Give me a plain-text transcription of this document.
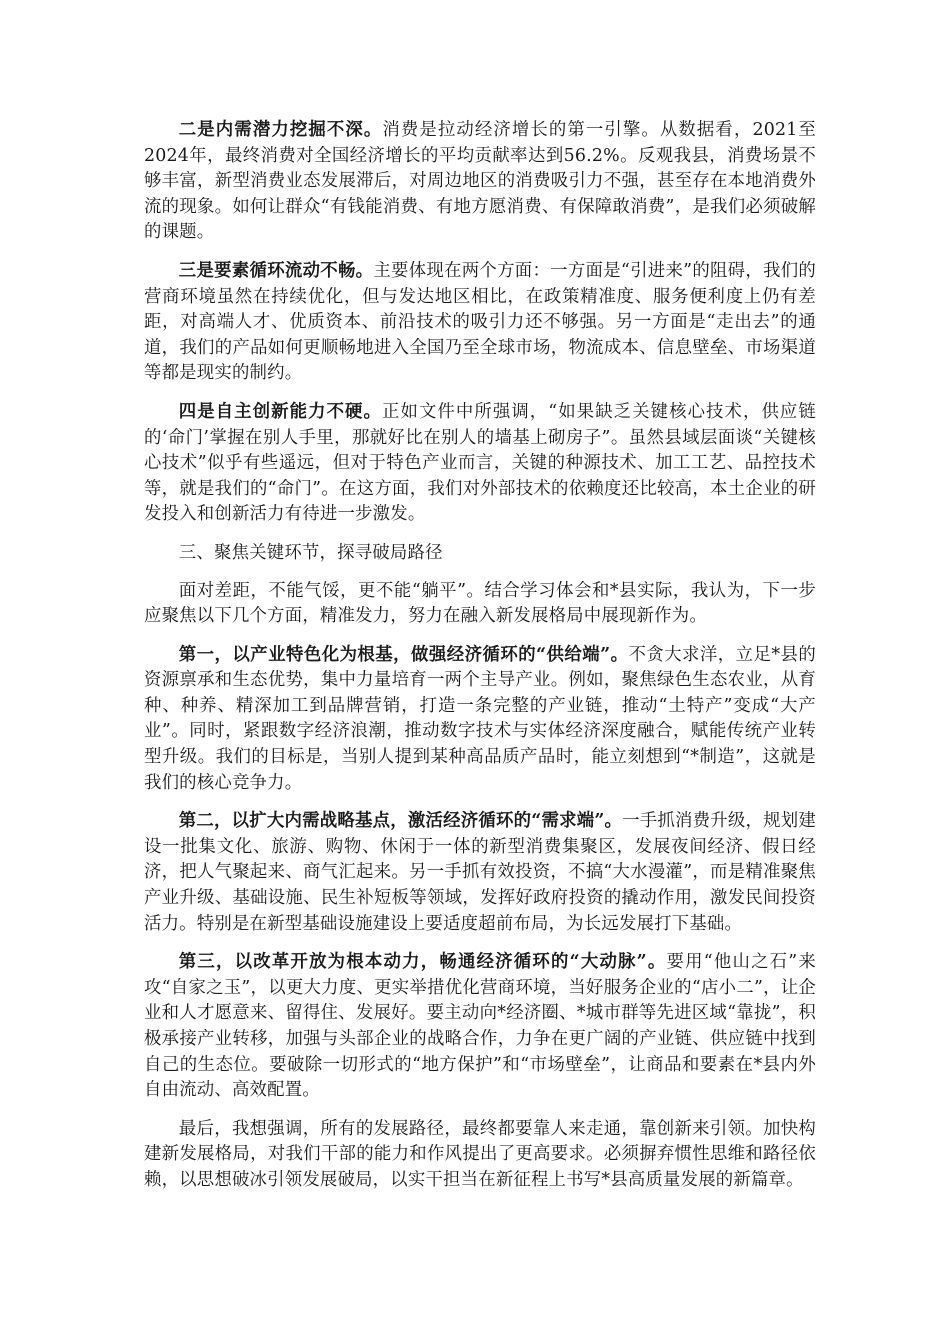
二是内需潜力挖掘不深。消费是拉动经济增长的第一引擎。从数据看，2021至2024年，最终消费对全国经济增长的平均贡献率达到56.2%。反观我县，消费场景不够丰富，新型消费业态发展滞后，对周边地区的消费吸引力不强，甚至存在本地消费外流的现象。如何让群众“有钱能消费、有地方愿消费、有保障敢消费”，是我们必须破解的课题。

三是要素循环流动不畅。主要体现在两个方面：一方面是“引进来”的阻碍，我们的营商环境虽然在持续优化，但与发达地区相比，在政策精准度、服务便利度上仍有差距，对高端人才、优质资本、前沿技术的吸引力还不够强。另一方面是“走出去”的通道，我们的产品如何更顺畅地进入全国乃至全球市场，物流成本、信息壁垒、市场渠道等都是现实的制约。

四是自主创新能力不硬。正如文件中所强调，“如果缺乏关键核心技术，供应链的‘命门’掌握在别人手里，那就好比在别人的墙基上砌房子”。虽然县域层面谈“关键核心技术”似乎有些遥远，但对于特色产业而言，关键的种源技术、加工工艺、品控技术等，就是我们的“命门”。在这方面，我们对外部技术的依赖度还比较高，本土企业的研发投入和创新活力有待进一步激发。

三、聚焦关键环节，探寻破局路径

面对差距，不能气馁，更不能“躺平”。结合学习体会和*县实际，我认为，下一步应聚焦以下几个方面，精准发力，努力在融入新发展格局中展现新作为。

第一，以产业特色化为根基，做强经济循环的“供给端”。不贪大求洋，立足*县的资源禀承和生态优势，集中力量培育一两个主导产业。例如，聚焦绿色生态农业，从育种、种养、精深加工到品牌营销，打造一条完整的产业链，推动“土特产”变成“大产业”。同时，紧跟数字经济浪潮，推动数字技术与实体经济深度融合，赋能传统产业转型升级。我们的目标是，当别人提到某种高品质产品时，能立刻想到“*制造”，这就是我们的核心竞争力。

第二，以扩大内需战略基点，激活经济循环的“需求端”。一手抓消费升级，规划建设一批集文化、旅游、购物、休闲于一体的新型消费集聚区，发展夜间经济、假日经济，把人气聚起来、商气汇起来。另一手抓有效投资，不搞“大水漫灌”，而是精准聚焦产业升级、基础设施、民生补短板等领域，发挥好政府投资的撬动作用，激发民间投资活力。特别是在新型基础设施建设上要适度超前布局，为长远发展打下基础。

第三，以改革开放为根本动力，畅通经济循环的“大动脉”。要用“他山之石”来攻“自家之玉”，以更大力度、更实举措优化营商环境，当好服务企业的“店小二”，让企业和人才愿意来、留得住、发展好。要主动向*经济圈、*城市群等先进区域“靠拢”，积极承接产业转移，加强与头部企业的战略合作，力争在更广阔的产业链、供应链中找到自己的生态位。要破除一切形式的“地方保护”和“市场壁垒”，让商品和要素在*县内外自由流动、高效配置。

最后，我想强调，所有的发展路径，最终都要靠人来走通，靠创新来引领。加快构建新发展格局，对我们干部的能力和作风提出了更高要求。必须摒弃惯性思维和路径依赖，以思想破冰引领发展破局，以实干担当在新征程上书写*县高质量发展的新篇章。
